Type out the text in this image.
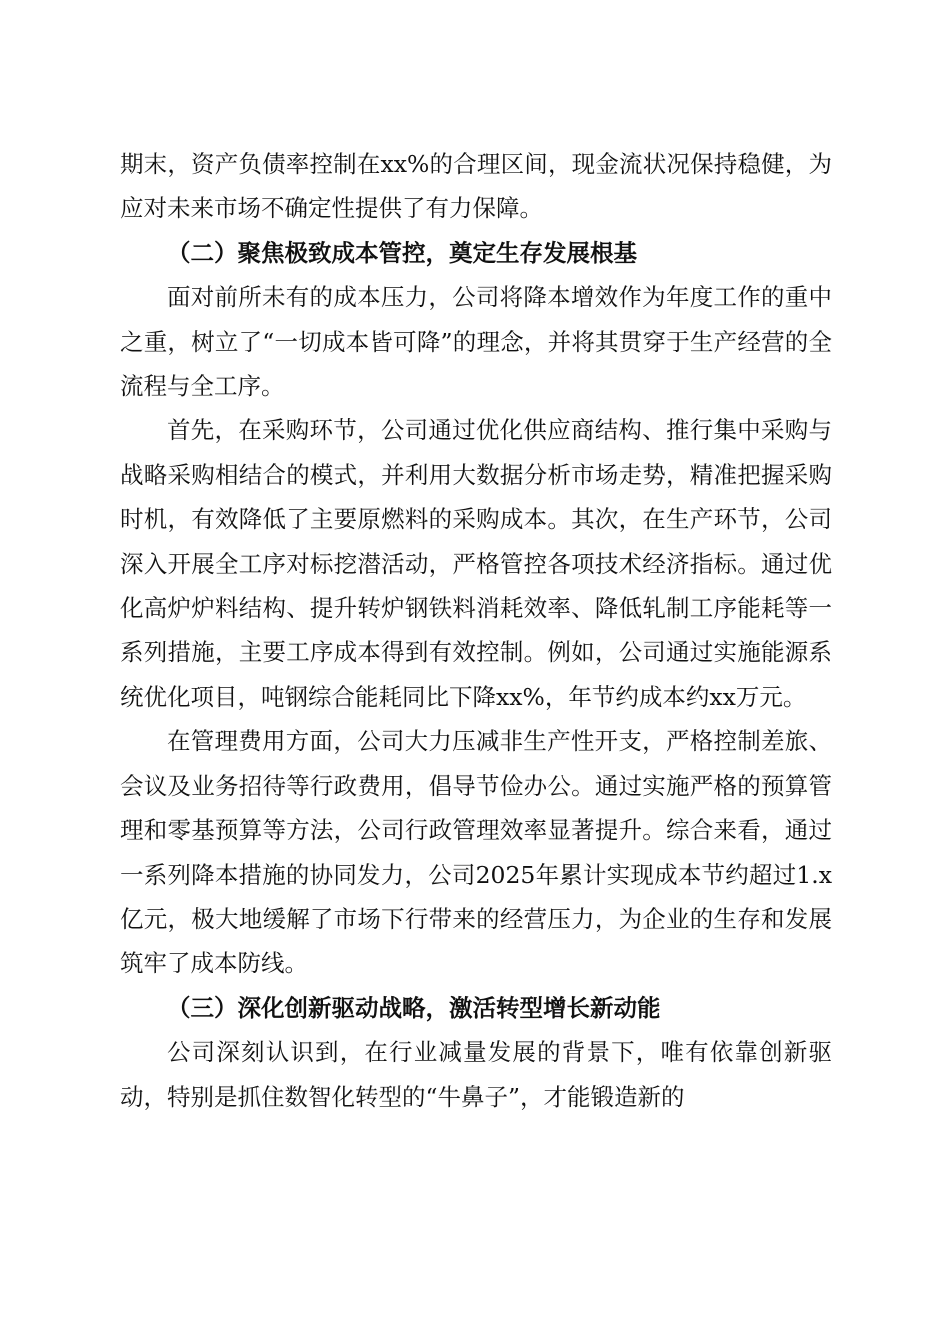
期末，资产负债率控制在xx%的合理区间，现金流状况保持稳健，为应对未来市场不确定性提供了有力保障。

（二）聚焦极致成本管控，奠定生存发展根基

面对前所未有的成本压力，公司将降本增效作为年度工作的重中之重，树立了“一切成本皆可降”的理念，并将其贯穿于生产经营的全流程与全工序。

首先，在采购环节，公司通过优化供应商结构、推行集中采购与战略采购相结合的模式，并利用大数据分析市场走势，精准把握采购时机，有效降低了主要原燃料的采购成本。其次，在生产环节，公司深入开展全工序对标挖潜活动，严格管控各项技术经济指标。通过优化高炉炉料结构、提升转炉钢铁料消耗效率、降低轧制工序能耗等一系列措施，主要工序成本得到有效控制。例如，公司通过实施能源系统优化项目，吨钢综合能耗同比下降xx%，年节约成本约xx万元。

在管理费用方面，公司大力压减非生产性开支，严格控制差旅、会议及业务招待等行政费用，倡导节俭办公。通过实施严格的预算管理和零基预算等方法，公司行政管理效率显著提升。综合来看，通过一系列降本措施的协同发力，公司2025年累计实现成本节约超过1.x亿元，极大地缓解了市场下行带来的经营压力，为企业的生存和发展筑牢了成本防线。

（三）深化创新驱动战略，激活转型增长新动能

公司深刻认识到，在行业减量发展的背景下，唯有依靠创新驱动，特别是抓住数智化转型的“牛鼻子”，才能锻造新的
